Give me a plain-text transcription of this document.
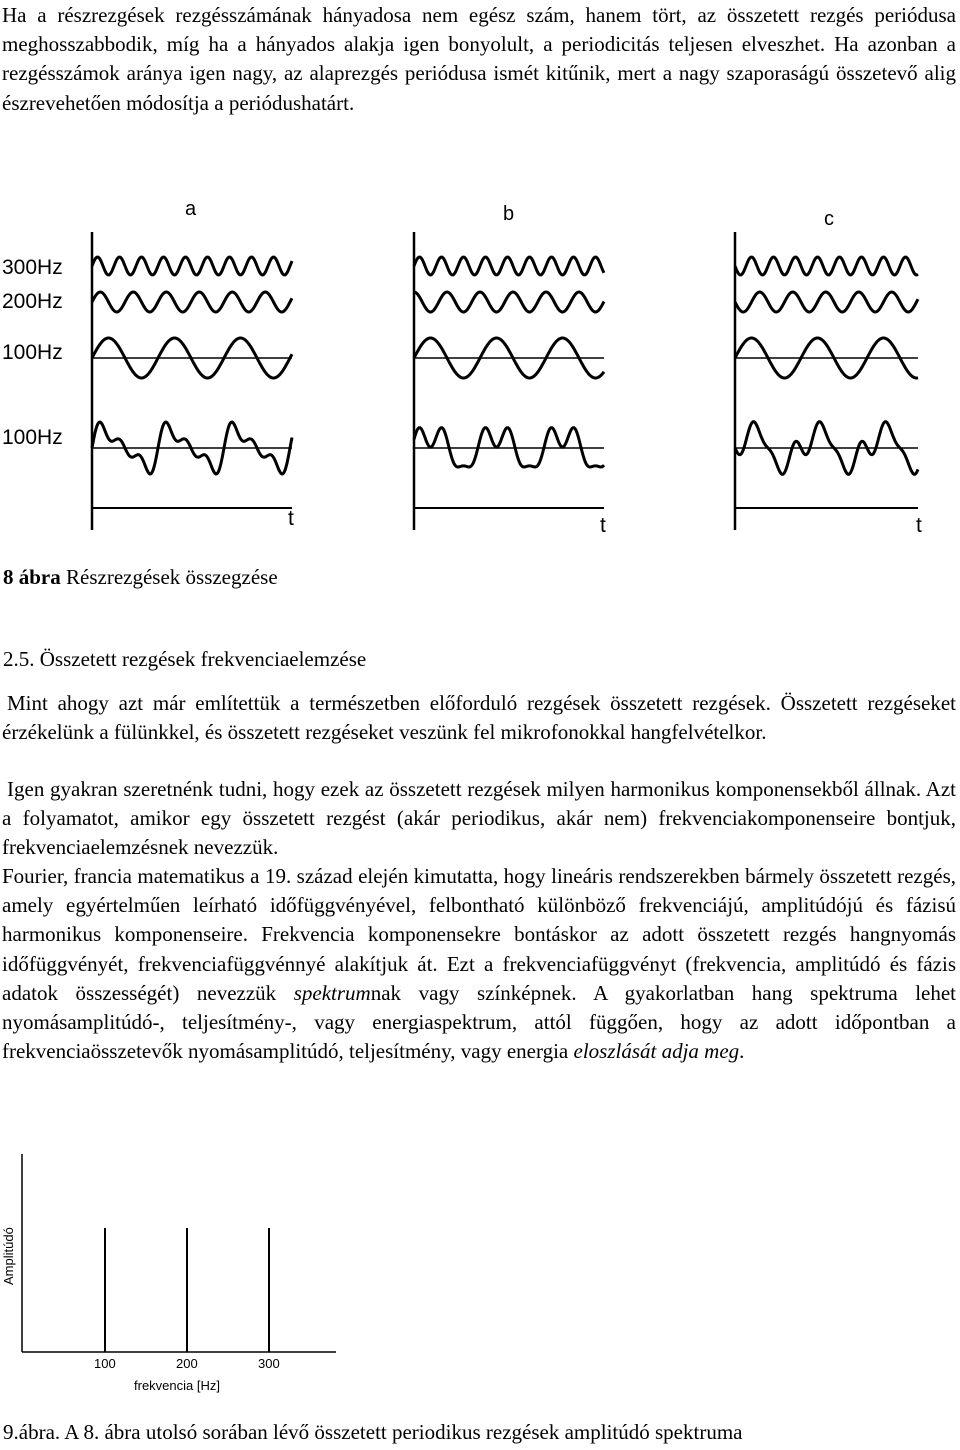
Ha a részrezgések rezgésszámának hányadosa nem egész szám, hanem tört, az összetett rezgés periódusa meghosszabbodik, míg ha a hányados alakja igen bonyolult, a periodicitás teljesen elveszhet. Ha azonban a rezgésszámok aránya igen nagy, az alaprezgés periódusa ismét kitűnik, mert a nagy szaporaságú összetevő alig észrevehetően módosítja a periódushatárt.

a	b	c
300Hz
200Hz
100Hz
100Hz
t	t	t

8 ábra Részrezgések összegzése

2.5. Összetett rezgések frekvenciaelemzése

Mint ahogy azt már említettük a természetben előforduló rezgések összetett rezgések. Összetett rezgéseket érzékelünk a fülünkkel, és összetett rezgéseket veszünk fel mikrofonokkal hangfelvételkor.

Igen gyakran szeretnénk tudni, hogy ezek az összetett rezgések milyen harmonikus komponensekből állnak. Azt a folyamatot, amikor egy összetett rezgést (akár periodikus, akár nem) frekvenciakomponenseire bontjuk, frekvenciaelemzésnek nevezzük.

Fourier, francia matematikus a 19. század elején kimutatta, hogy lineáris rendszerekben bármely összetett rezgés, amely egyértelműen leírható időfüggvényével, felbontható különböző frekvenciájú, amplitúdójú és fázisú harmonikus komponenseire. Frekvencia komponensekre bontáskor az adott összetett rezgés hangnyomás időfüggvényét, frekvenciafüggvénnyé alakítjuk át. Ezt a frekvenciafüggvényt (frekvencia, amplitúdó és fázis adatok összességét) nevezzük spektrumnak vagy színképnek. A gyakorlatban hang spektruma lehet nyomásamplitúdó-, teljesítmény-, vagy energiaspektrum, attól függően, hogy az adott időpontban a frekvenciaösszetevők nyomásamplitúdó, teljesítmény, vagy energia eloszlását adja meg.

Amplitúdó
100	200	300
frekvencia [Hz]

9.ábra. A 8. ábra utolsó sorában lévő összetett periodikus rezgések amplitúdó spektruma
